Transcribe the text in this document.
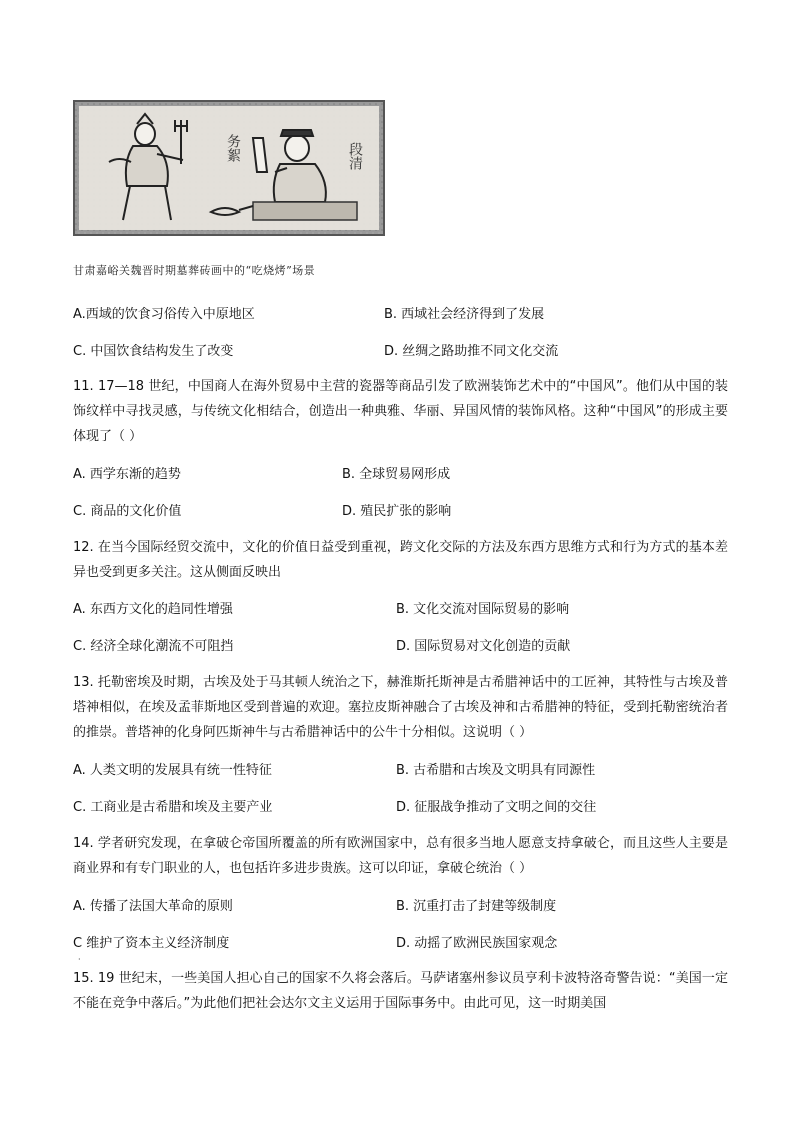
务絮	段清
甘肃嘉峪关魏晋时期墓葬砖画中的“吃烧烤”场景
A.西域的饮食习俗传入中原地区	B. 西域社会经济得到了发展
C. 中国饮食结构发生了改变	D. 丝绸之路助推不同文化交流
11. 17—18 世纪，中国商人在海外贸易中主营的瓷器等商品引发了欧洲装饰艺术中的“中国风”。他们从中国的装饰纹样中寻找灵感，与传统文化相结合，创造出一种典雅、华丽、异国风情的装饰风格。这种“中国风”的形成主要体现了（ ）
A. 西学东渐的趋势	B. 全球贸易网形成
C. 商品的文化价值	D. 殖民扩张的影响
12. 在当今国际经贸交流中，文化的价值日益受到重视，跨文化交际的方法及东西方思维方式和行为方式的基本差异也受到更多关注。这从侧面反映出
A. 东西方文化的趋同性增强	B. 文化交流对国际贸易的影响
C. 经济全球化潮流不可阻挡	D. 国际贸易对文化创造的贡献
13. 托勒密埃及时期，古埃及处于马其顿人统治之下，赫淮斯托斯神是古希腊神话中的工匠神，其特性与古埃及普塔神相似，在埃及孟菲斯地区受到普遍的欢迎。塞拉皮斯神融合了古埃及神和古希腊神的特征，受到托勒密统治者的推崇。普塔神的化身阿匹斯神牛与古希腊神话中的公牛十分相似。这说明（ ）
A. 人类文明的发展具有统一性特征	B. 古希腊和古埃及文明具有同源性
C. 工商业是古希腊和埃及主要产业	D. 征服战争推动了文明之间的交往
14. 学者研究发现，在拿破仑帝国所覆盖的所有欧洲国家中，总有很多当地人愿意支持拿破仑，而且这些人主要是商业界和有专门职业的人，也包括许多进步贵族。这可以印证，拿破仑统治（ ）
A. 传播了法国大革命的原则	B. 沉重打击了封建等级制度
C 维护了资本主义经济制度	D. 动摇了欧洲民族国家观念
·
15. 19 世纪末，一些美国人担心自己的国家不久将会落后。马萨诸塞州参议员亨利卡波特洛奇警告说：“美国一定不能在竞争中落后。”为此他们把社会达尔文主义运用于国际事务中。由此可见，这一时期美国
